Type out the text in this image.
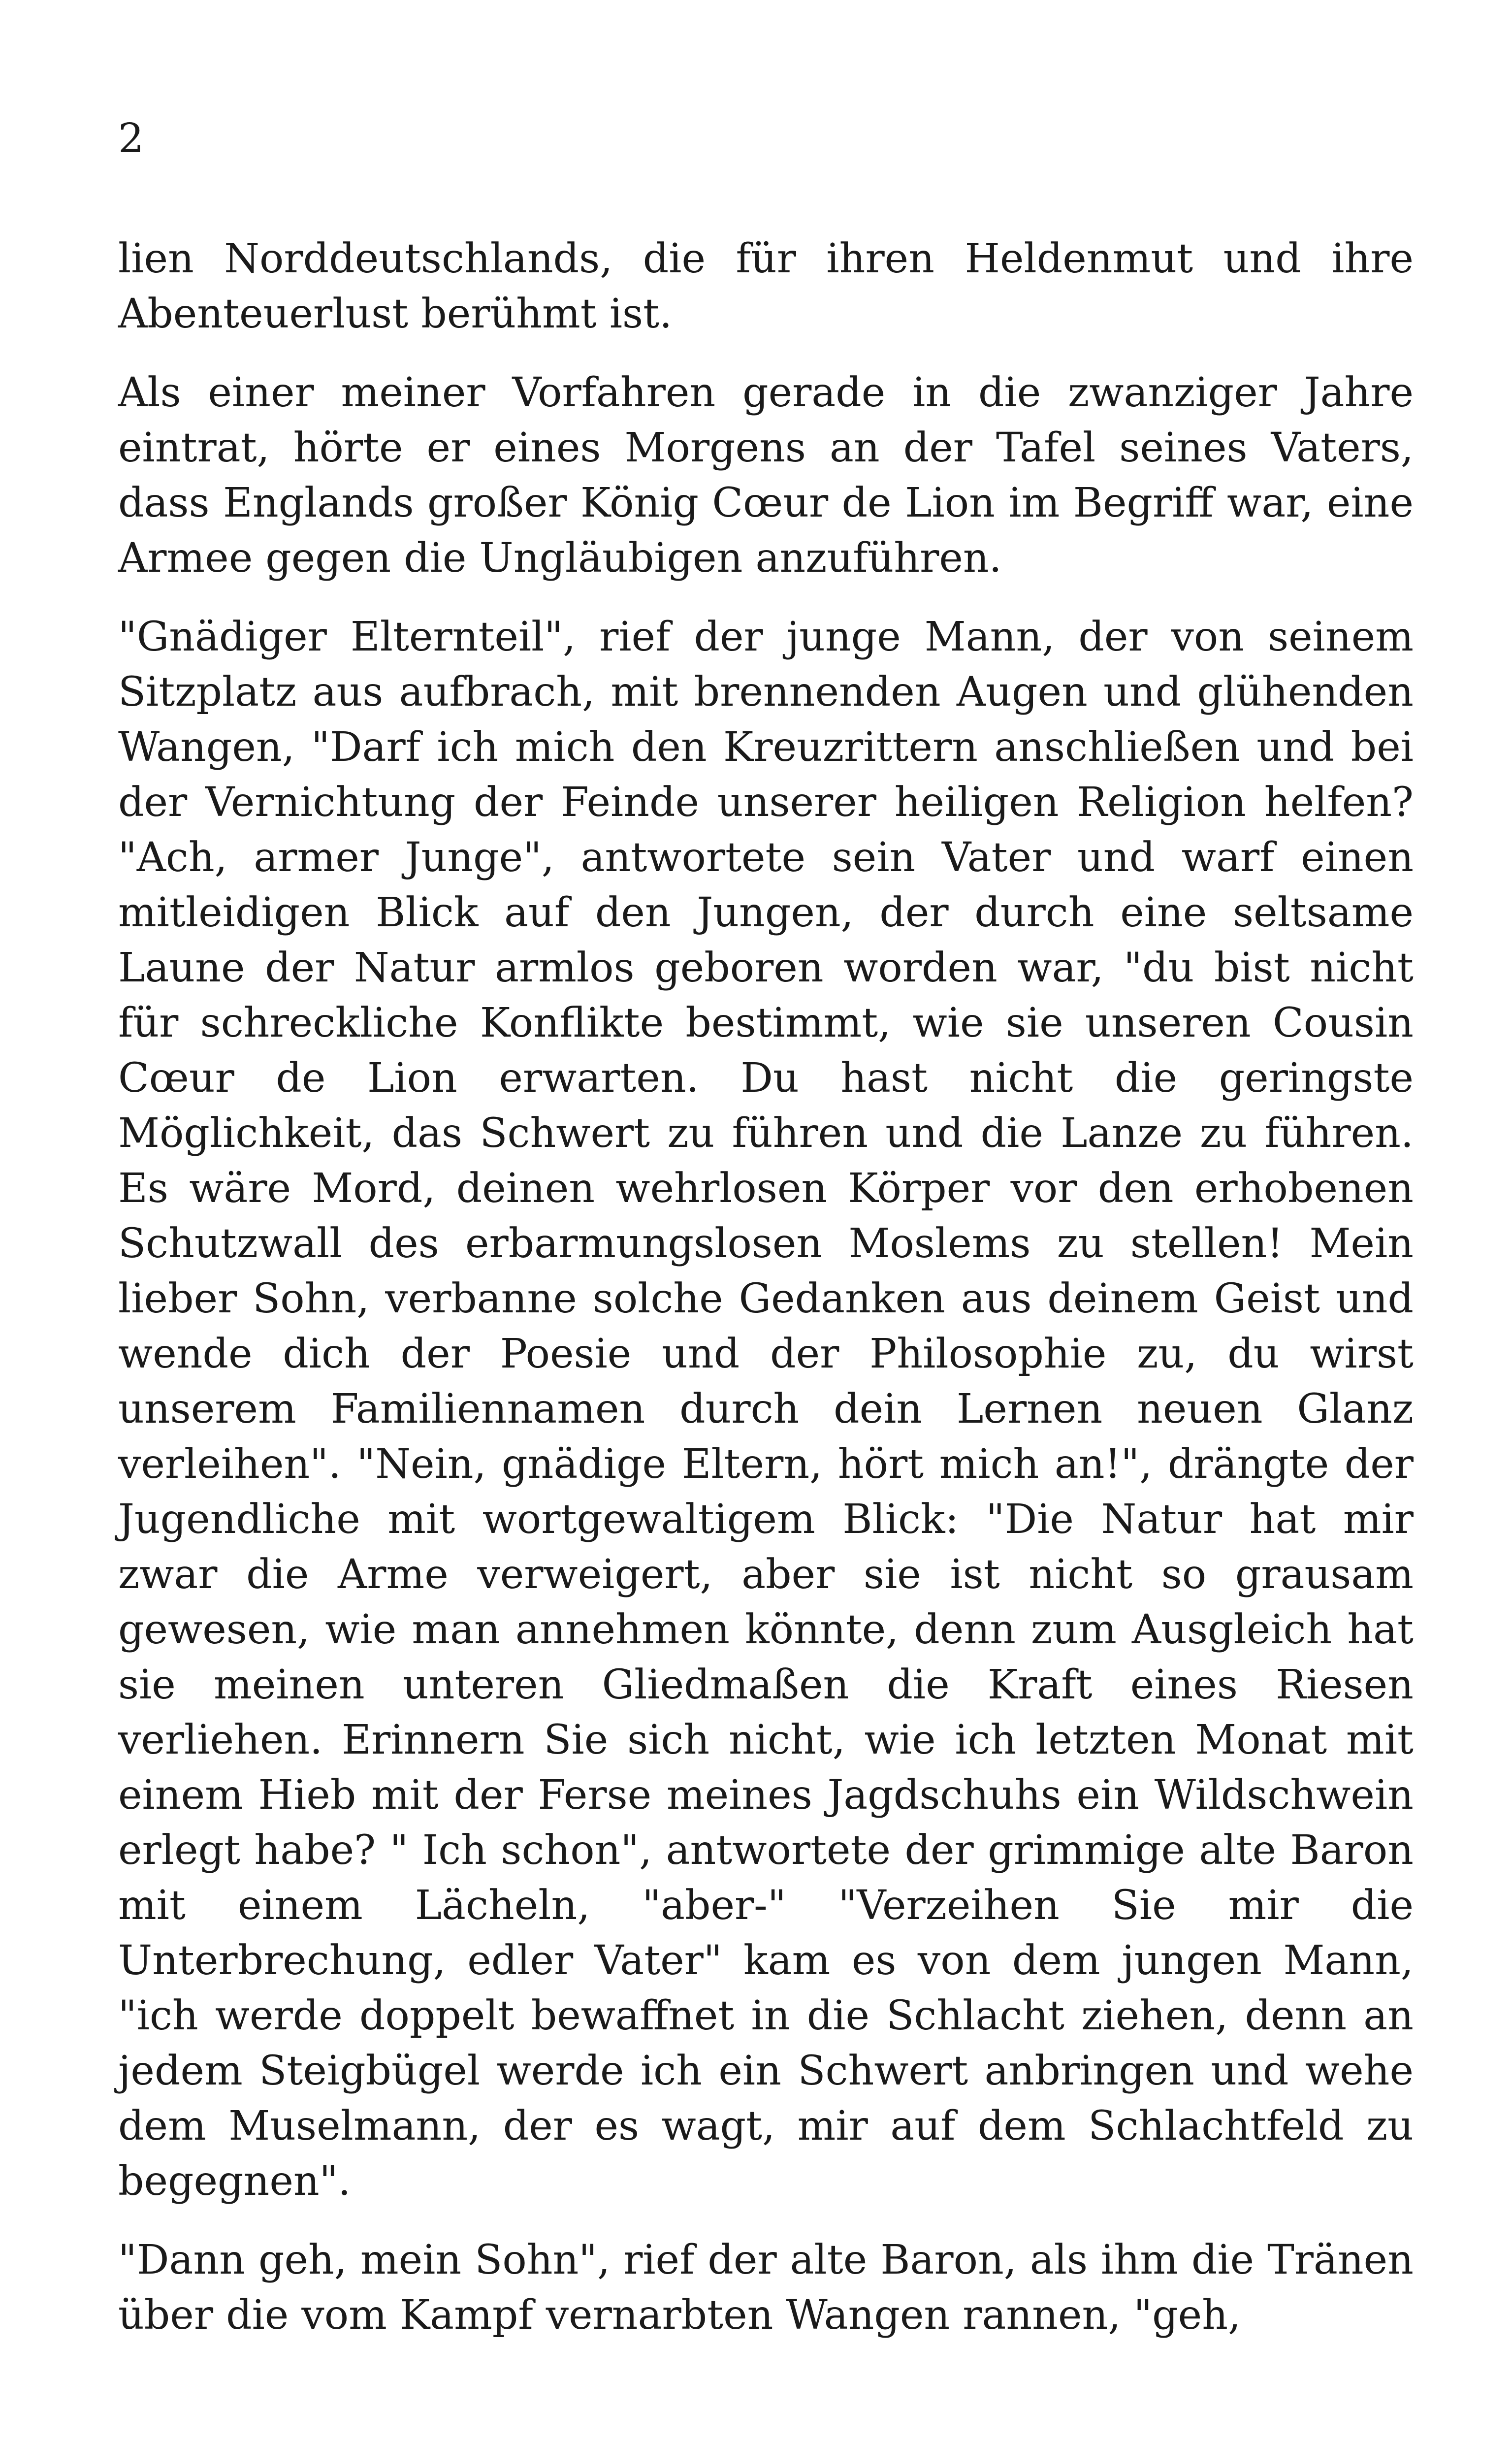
2

lien Norddeutschlands, die für ihren Heldenmut und ihre Abenteuerlust berühmt ist.

Als einer meiner Vorfahren gerade in die zwanziger Jahre eintrat, hörte er eines Morgens an der Tafel seines Vaters, dass Englands großer König Cœur de Lion im Begriff war, eine Armee gegen die Ungläubigen anzuführen.

"Gnädiger Elternteil", rief der junge Mann, der von seinem Sitzplatz aus aufbrach, mit brennenden Augen und glühenden Wangen, "Darf ich mich den Kreuzrittern anschließen und bei der Vernichtung der Feinde unserer heiligen Religion helfen? "Ach, armer Junge", antwortete sein Vater und warf einen mitleidigen Blick auf den Jungen, der durch eine seltsame Laune der Natur armlos geboren worden war, "du bist nicht für schreckliche Konflikte bestimmt, wie sie unseren Cousin Cœur de Lion erwarten. Du hast nicht die geringste Möglichkeit, das Schwert zu führen und die Lanze zu führen. Es wäre Mord, deinen wehrlosen Körper vor den erhobenen Schutzwall des erbarmungslosen Moslems zu stellen! Mein lieber Sohn, verbanne solche Gedanken aus deinem Geist und wende dich der Poesie und der Philosophie zu, du wirst unserem Familiennamen durch dein Lernen neuen Glanz verleihen". "Nein, gnädige Eltern, hört mich an!", drängte der Jugendliche mit wortgewaltigem Blick: "Die Natur hat mir zwar die Arme verweigert, aber sie ist nicht so grausam gewesen, wie man annehmen könnte, denn zum Ausgleich hat sie meinen unteren Gliedmaßen die Kraft eines Riesen verliehen. Erinnern Sie sich nicht, wie ich letzten Monat mit einem Hieb mit der Ferse meines Jagdschuhs ein Wildschwein erlegt habe? " Ich schon", antwortete der grimmige alte Baron mit einem Lächeln, "aber-" "Verzeihen Sie mir die Unterbrechung, edler Vater" kam es von dem jungen Mann, "ich werde doppelt bewaffnet in die Schlacht ziehen, denn an jedem Steigbügel werde ich ein Schwert anbringen und wehe dem Muselmann, der es wagt, mir auf dem Schlachtfeld zu begegnen".

"Dann geh, mein Sohn", rief der alte Baron, als ihm die Tränen über die vom Kampf vernarbten Wangen rannen, "geh,
